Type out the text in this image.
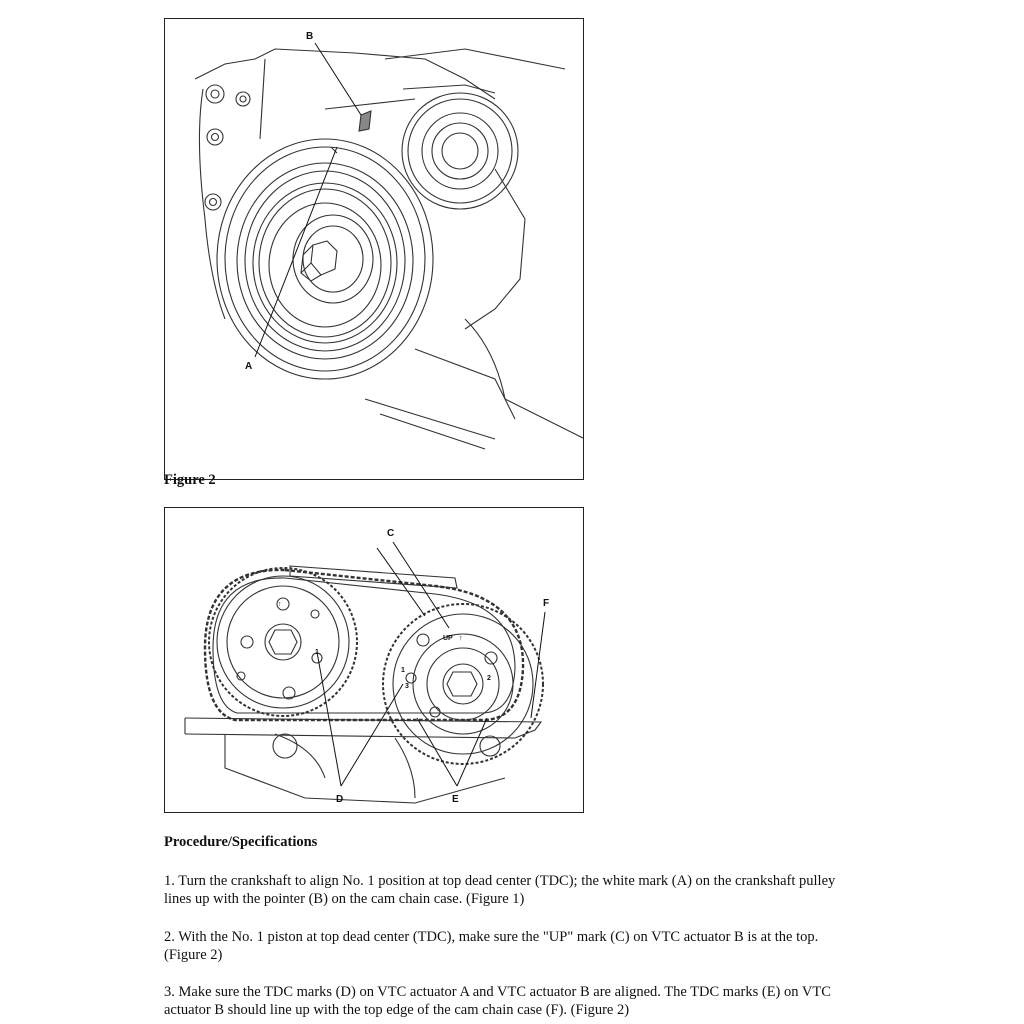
B
A
Figure 2
↑
UP ↑
1
1
3
2
C
F
D	E
Procedure/Specifications
1. Turn the crankshaft to align No. 1 position at top dead center (TDC); the white mark (A) on the crankshaft pulley lines up with the pointer (B) on the cam chain case. (Figure 1)
2. With the No. 1 piston at top dead center (TDC), make sure the "UP" mark (C) on VTC actuator B is at the top. (Figure 2)
3. Make sure the TDC marks (D) on VTC actuator A and VTC actuator B are aligned. The TDC marks (E) on VTC actuator B should line up with the top edge of the cam chain case (F). (Figure 2)
